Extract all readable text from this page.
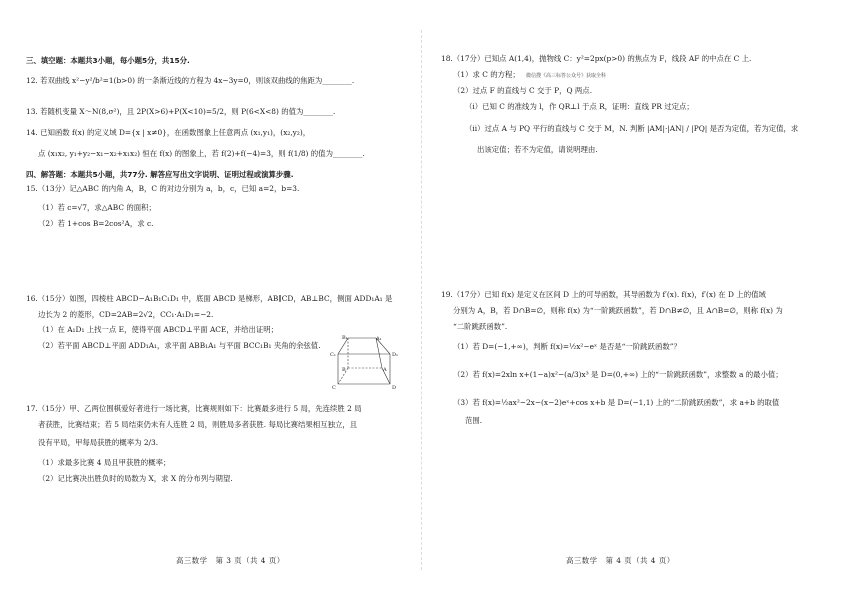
三、填空题：本题共3小题，每小题5分，共15分.
12. 若双曲线 x²−y²/b²=1(b>0) 的一条渐近线的方程为 4x−3y=0，则该双曲线的焦距为________.
13. 若随机变量 X～N(8,σ²)，且 2P(X>6)+P(X<10)=5/2，则 P(6<X<8) 的值为________.
14. 已知函数 f(x) 的定义域 D={x | x≠0}，在函数图象上任意两点 (x₁,y₁)，(x₂,y₂)，
点 (x₁x₂, y₁+y₂−x₁−x₂+x₁x₂) 恒在 f(x) 的图象上，若 f(2)+f(−4)=3，则 f(1/8) 的值为________.
四、解答题：本题共5小题，共77分. 解答应写出文字说明、证明过程或演算步骤.
15.（13分）记△ABC 的内角 A，B，C 的对边分别为 a，b，c，已知 a=2，b=3.
（1）若 c=√7，求△ABC 的面积；
（2）若 1+cos B=2cos²A，求 c.
16.（15分）如图，四棱柱 ABCD−A₁B₁C₁D₁ 中，底面 ABCD 是梯形，AB∥CD，AB⊥BC，侧面 ADD₁A₁ 是
边长为 2 的菱形，CD=2AB=2√2，CC₁·A₁D₁=−2.
（1）在 A₁D₁ 上找一点 E，使得平面 ABCD⊥平面 ACE，并给出证明；
（2）若平面 ABCD⊥平面 ADD₁A₁，求平面 ABB₁A₁ 与平面 BCC₁B₁ 夹角的余弦值.
B₁	A₁
C₁	D₁
B	A
C	D
17.（15分）甲、乙两位围棋爱好者进行一场比赛，比赛规则如下：比赛最多进行 5 局，先连续胜 2 局
者获胜，比赛结束；若 5 局结束仍未有人连胜 2 局，则胜局多者获胜. 每局比赛结果相互独立，且
没有平局，甲每局获胜的概率为 2/3.
（1）求最多比赛 4 局且甲获胜的概率；
（2）记比赛决出胜负时的局数为 X，求 X 的分布列与期望.
高三数学　第 3 页（共 4 页）
18.（17分）已知点 A(1,4)，抛物线 C：y²=2px(p>0) 的焦点为 F，线段 AF 的中点在 C 上.
（1）求 C 的方程； 微信搜《高三标答公众号》获取全科
（2）过点 F 的直线与 C 交于 P，Q 两点.
（i）已知 C 的准线为 l，作 QR⊥l 于点 R，证明：直线 PR 过定点；
（ii）过点 A 与 PQ 平行的直线与 C 交于 M，N. 判断 |AM|·|AN| / |PQ| 是否为定值，若为定值，求
出该定值；若不为定值，请说明理由.
19.（17分）已知 f(x) 是定义在区间 D 上的可导函数，其导函数为 f′(x). f(x)，f′(x) 在 D 上的值域
分别为 A，B，若 D∩B=∅，则称 f(x) 为“一阶跳跃函数”，若 D∩B≠∅，且 A∩B=∅，则称 f(x) 为
“二阶跳跃函数”.
（1）若 D=(−1,+∞)，判断 f(x)=½x²−eˣ 是否是“一阶跳跃函数”？
（2）若 f(x)=2xln x+(1−a)x²−(a/3)x³ 是 D=(0,+∞) 上的“一阶跳跃函数”，求整数 a 的最小值；
（3）若 f(x)=½ax²−2x−(x−2)eˣ+cos x+b 是 D=(−1,1) 上的“二阶跳跃函数”，求 a+b 的取值
范围.
高三数学　第 4 页（共 4 页）
